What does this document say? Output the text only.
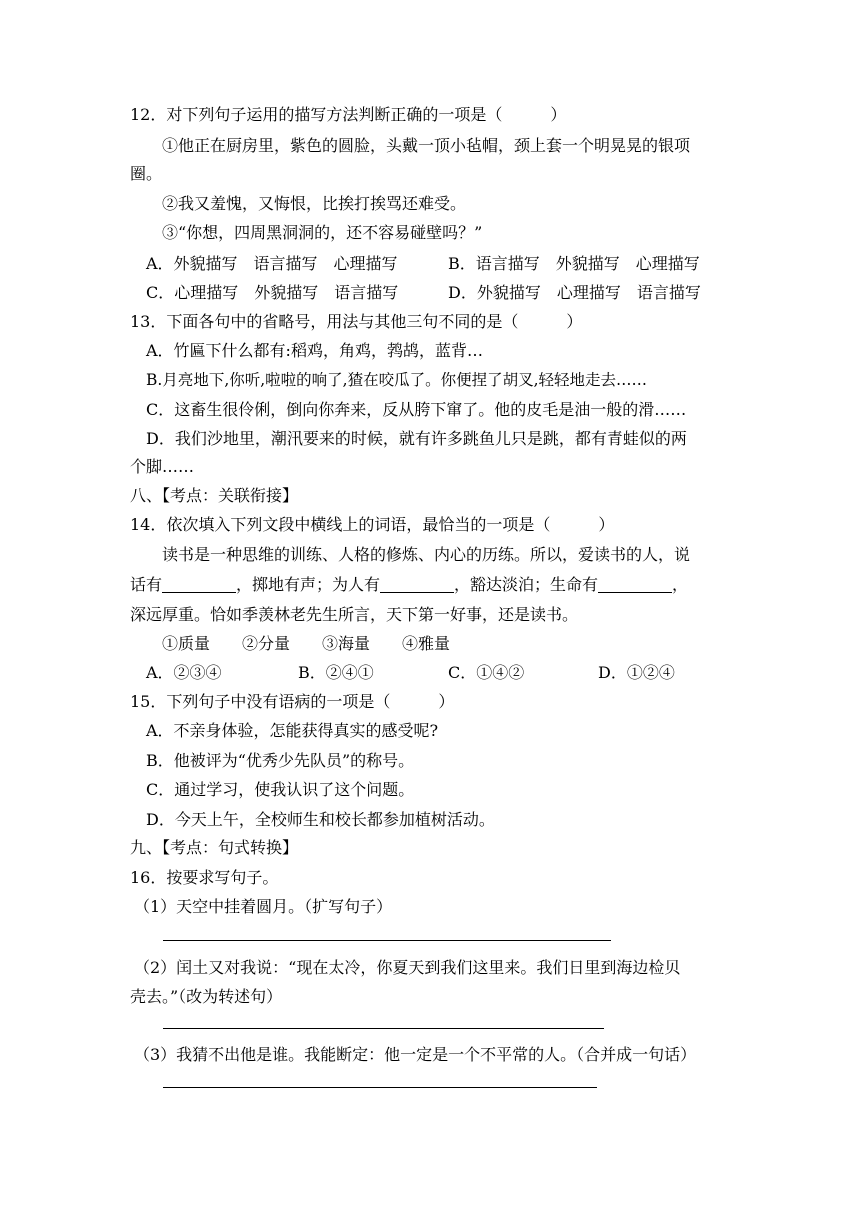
12．对下列句子运用的描写方法判断正确的一项是（　　　）
①他正在厨房里，紫色的圆脸，头戴一顶小毡帽，颈上套一个明晃晃的银项
圈。
②我又羞愧，又悔恨，比挨打挨骂还难受。
③“你想，四周黑洞洞的，还不容易碰壁吗？”
A．外貌描写　语言描写　心理描写	B．语言描写　外貌描写　心理描写
C．心理描写　外貌描写　语言描写	D．外貌描写　心理描写　语言描写
13．下面各句中的省略号，用法与其他三句不同的是（　　　）
A．竹匾下什么都有:稻鸡，角鸡，鹁鸪，蓝背…
B.月亮地下,你听,啦啦的响了,猹在咬瓜了。你便捏了胡叉,轻轻地走去……
C．这畜生很伶俐，倒向你奔来，反从胯下窜了。他的皮毛是油一般的滑……
D．我们沙地里，潮汛要来的时候，就有许多跳鱼儿只是跳，都有青蛙似的两
个脚……
八、【考点：关联衔接】
14．依次填入下列文段中横线上的词语，最恰当的一项是（　　　）
读书是一种思维的训练、人格的修炼、内心的历练。所以，爱读书的人，说
话有	，掷地有声；为人有	，豁达淡泊；生命有	，
深远厚重。恰如季羡林老先生所言，天下第一好事，还是读书。
①质量　　②分量　　③海量　　④雅量
A．②③④	B．②④①	C．①④②	D．①②④
15．下列句子中没有语病的一项是（　　　）
A．不亲身体验，怎能获得真实的感受呢?
B．他被评为“优秀少先队员”的称号。
C．通过学习，使我认识了这个问题。
D．今天上午，全校师生和校长都参加植树活动。
九、【考点：句式转换】
16．按要求写句子。
（1）天空中挂着圆月。（扩写句子）
（2）闰土又对我说：“现在太冷，你夏天到我们这里来。我们日里到海边检贝
壳去。”（改为转述句）
（3）我猜不出他是谁。我能断定：他一定是一个不平常的人。（合并成一句话）
